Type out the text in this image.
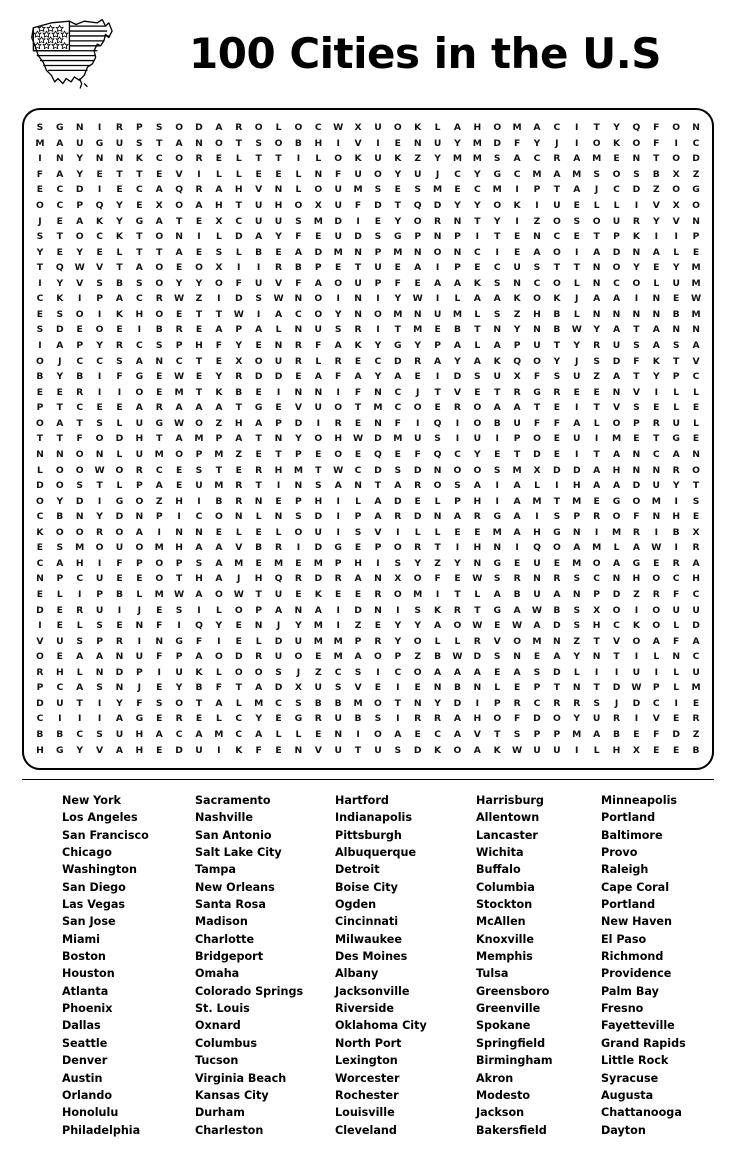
100 Cities in the U.S
S G N I R P S O D A R O L O C W X U O K L A H O M A C I T Y Q F O N
M A U G U S T A N O T S O B H I V I E N U Y M D F Y J I O K O F I C
I N Y N N K C O R E L T T I L O K U K Z Y M M S A C R A M E N T O D
F A Y E T T E V I L L E E L N F U O Y U J C Y G C M A M S O S B X Z
E C D I E C A Q R A H V N L O U M S E S M E C M I P T A J C D Z O G
O C P Q Y E X O A H T U H O X U F D T Q D Y Y O K I U E L L I V X O
J E A K Y G A T E X C U U S M D I E Y O R N T Y I Z O S O U R Y V N
S T O C K T O N I L D A Y F E U D S G P N P I T E N C E T P K I I P
Y E Y E L T T A E S L B E A D M N P M N O N C I E A O I A D N A L E
T Q W V T A O E O X I I R B P E T U E A I P E C U S T T N O Y E Y M
I Y V S B S O Y Y O F U V F A O U P F E A A K S N C O L N C O L U M
C K I P A C R W Z I D S W N O I N I Y W I L A A K O K J A A I N E W
E S O I K H O E T T W I A C O Y N O M N U M L S Z H B L N N N N B M
S D E O E I B R E A P A L N U S R I T M E B T N Y N B W Y A T A N N
I A P Y R C S P H F Y E N R F A K Y G Y P A L A P U T Y R U S A S A
O J C C S A N C T E X O U R L R E C D R A Y A K Q O Y J S D F K T V
B Y B I F G E W E Y R D D E A F A Y A E I D S U X F S U Z A T Y P C
E E R I I O E M T K B E I N N I F N C J T V E T R G R E E N V I L L
P T C E E A R A A A T G E V U O T M C O E R O A A T E I T V S E L E
O A T S L U G W O Z H A P D I R E N F I Q I O B U F F A L O P R U L
T T F O D H T A M P A T N Y O H W D M U S I U I P O E U I M E T G E
N N O N L U M O P M Z E T P E O E Q E F Q C Y E T D E I T A N C A N
L O O W O R C E S T E R H M T W C D S D N O O S M X D D A H N N R O
D O S T L P A E U M R T I N S A N T A R O S A I A L I H A A D U Y T
O Y D I G O Z H I B R N E P H I L A D E L P H I A M T M E G O M I S
C B N Y D N P I C O N L N S D I P A R D N A R G A I S P R O F N H E
K O O R O A I N N E L E L O U I S V I L L E E M A H G N I M R I B X
E S M O U O M H A A V B R I D G E P O R T I H N I Q O A M L A W I R
C A H I F P O P S A M E M E M P H I S Y Z Y N G E U E M O A G E R A
N P C U E E O T H A J H Q R D R A N X O F E W S R N R S C N H O C H
E L I P B L M W A O W T U E K E E R O M I T L A B U A N P D Z R F C
D E R U I J E S I L O P A N A I D N I S K R T G A W B S X O I O U U
I E L S E N F I Q Y E N J Y M I Z E Y Y A O W E W A D S H C K O L D
V U S P R I N G F I E L D U M M P R Y O L L R V O M N Z T V O A F A
O E A A N U F P A O D R U O E M A O P Z B W D S N E A Y N T I L N C
R H L N D P I U K L O O S J Z C S I C O A A A E A S D L I I U I L U
P C A S N J E Y B F T A D X U S V E I E N B N L E P T N T D W P L M
D U T I Y F S O T A L M C S B B M O T N Y D I P R C R R S J D C I E
C I I I A G E R E L C Y E G R U B S I R R A H O F D O Y U R I V E R
B B C S U H A C A M C A L L E N I O A E C A V T S P P M A B E F D Z
H G Y V A H E D U I K F E N V U T U S D K O A K W U U I L H X E E B
New York
Los Angeles
San Francisco
Chicago
Washington
San Diego
Las Vegas
San Jose
Miami
Boston
Houston
Atlanta
Phoenix
Dallas
Seattle
Denver
Austin
Orlando
Honolulu
Philadelphia
Sacramento
Nashville
San Antonio
Salt Lake City
Tampa
New Orleans
Santa Rosa
Madison
Charlotte
Bridgeport
Omaha
Colorado Springs
St. Louis
Oxnard
Columbus
Tucson
Virginia Beach
Kansas City
Durham
Charleston
Hartford
Indianapolis
Pittsburgh
Albuquerque
Detroit
Boise City
Ogden
Cincinnati
Milwaukee
Des Moines
Albany
Jacksonville
Riverside
Oklahoma City
North Port
Lexington
Worcester
Rochester
Louisville
Cleveland
Harrisburg
Allentown
Lancaster
Wichita
Buffalo
Columbia
Stockton
McAllen
Knoxville
Memphis
Tulsa
Greensboro
Greenville
Spokane
Springfield
Birmingham
Akron
Modesto
Jackson
Bakersfield
Minneapolis
Portland
Baltimore
Provo
Raleigh
Cape Coral
Portland
New Haven
El Paso
Richmond
Providence
Palm Bay
Fresno
Fayetteville
Grand Rapids
Little Rock
Syracuse
Augusta
Chattanooga
Dayton
